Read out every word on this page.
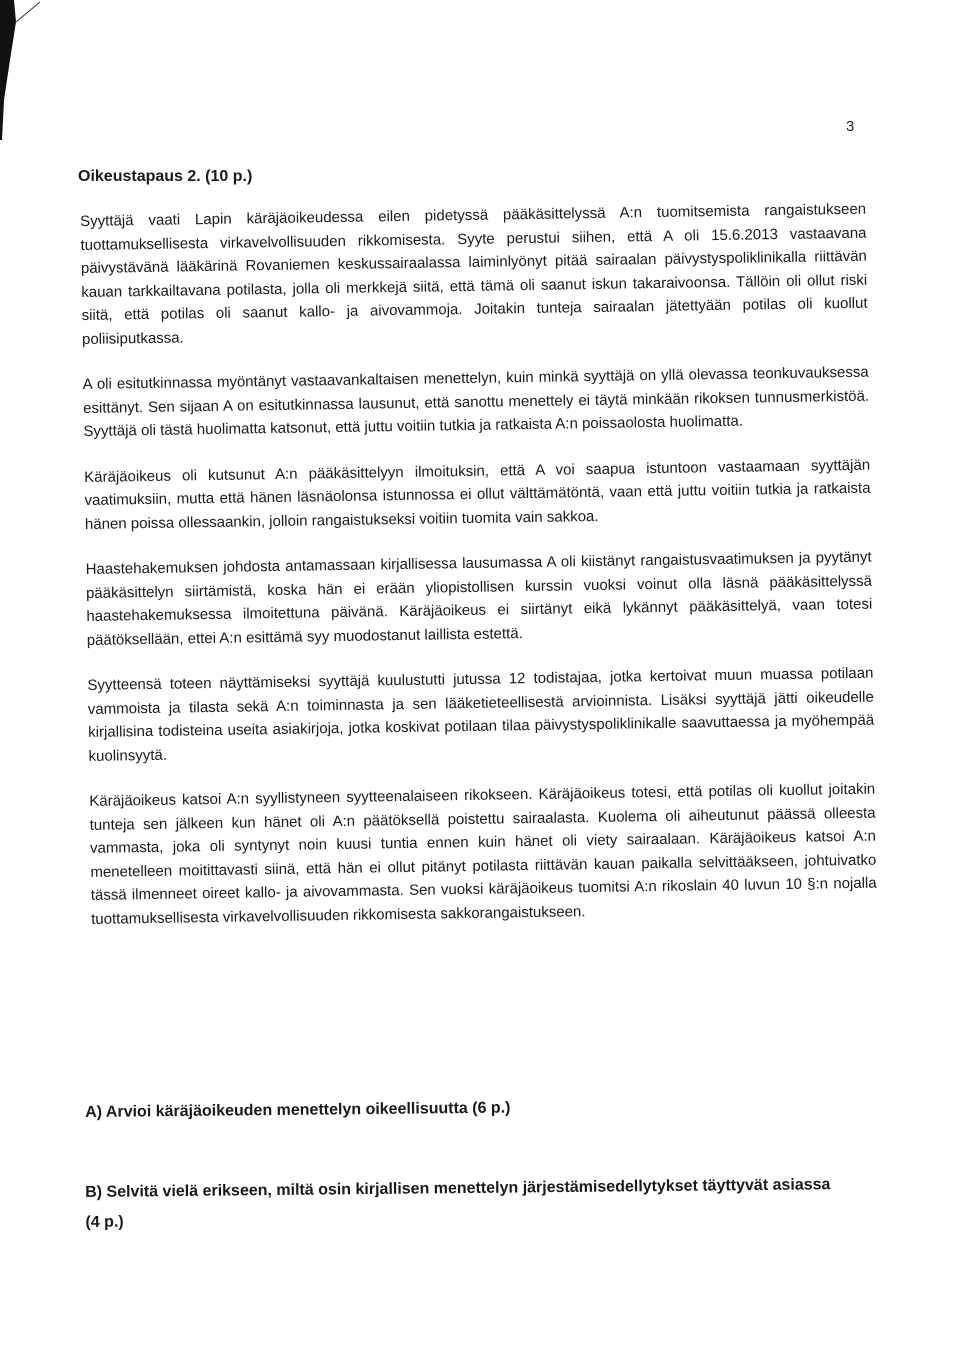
3
Oikeustapaus 2. (10 p.)

Syyttäjä vaati Lapin käräjäoikeudessa eilen pidetyssä pääkäsittelyssä A:n tuomitsemista rangaistukseen tuottamuksellisesta virkavelvollisuuden rikkomisesta. Syyte perustui siihen, että A oli 15.6.2013 vastaavana päivystävänä lääkärinä Rovaniemen keskussairaalassa laiminlyönyt pitää sairaalan päivystyspoliklinikalla riittävän kauan tarkkailtavana potilasta, jolla oli merkkejä siitä, että tämä oli saanut iskun takaraivoonsa. Tällöin oli ollut riski siitä, että potilas oli saanut kallo- ja aivovammoja. Joitakin tunteja sairaalan jätettyään potilas oli kuollut poliisiputkassa.

A oli esitutkinnassa myöntänyt vastaavankaltaisen menettelyn, kuin minkä syyttäjä on yllä olevassa teonkuvauksessa esittänyt. Sen sijaan A on esitutkinnassa lausunut, että sanottu menettely ei täytä minkään rikoksen tunnusmerkistöä. Syyttäjä oli tästä huolimatta katsonut, että juttu voitiin tutkia ja ratkaista A:n poissaolosta huolimatta.

Käräjäoikeus oli kutsunut A:n pääkäsittelyyn ilmoituksin, että A voi saapua istuntoon vastaamaan syyttäjän vaatimuksiin, mutta että hänen läsnäolonsa istunnossa ei ollut välttämätöntä, vaan että juttu voitiin tutkia ja ratkaista hänen poissa ollessaankin, jolloin rangaistukseksi voitiin tuomita vain sakkoa.

Haastehakemuksen johdosta antamassaan kirjallisessa lausumassa A oli kiistänyt rangaistusvaatimuksen ja pyytänyt pääkäsittelyn siirtämistä, koska hän ei erään yliopistollisen kurssin vuoksi voinut olla läsnä pääkäsittelyssä haastehakemuksessa ilmoitettuna päivänä. Käräjäoikeus ei siirtänyt eikä lykännyt pääkäsittelyä, vaan totesi päätöksellään, ettei A:n esittämä syy muodostanut laillista estettä.

Syytteensä toteen näyttämiseksi syyttäjä kuulustutti jutussa 12 todistajaa, jotka kertoivat muun muassa potilaan vammoista ja tilasta sekä A:n toiminnasta ja sen lääketieteellisestä arvioinnista. Lisäksi syyttäjä jätti oikeudelle kirjallisina todisteina useita asiakirjoja, jotka koskivat potilaan tilaa päivystyspoliklinikalle saavuttaessa ja myöhempää kuolinsyytä.

Käräjäoikeus katsoi A:n syyllistyneen syytteenalaiseen rikokseen. Käräjäoikeus totesi, että potilas oli kuollut joitakin tunteja sen jälkeen kun hänet oli A:n päätöksellä poistettu sairaalasta. Kuolema oli aiheutunut päässä olleesta vammasta, joka oli syntynyt noin kuusi tuntia ennen kuin hänet oli viety sairaalaan. Käräjäoikeus katsoi A:n menetelleen moitittavasti siinä, että hän ei ollut pitänyt potilasta riittävän kauan paikalla selvittääkseen, johtuivatko tässä ilmenneet oireet kallo- ja aivovammasta. Sen vuoksi käräjäoikeus tuomitsi A:n rikoslain 40 luvun 10 §:n nojalla tuottamuksellisesta virkavelvollisuuden rikkomisesta sakkorangaistukseen.

A) Arvioi käräjäoikeuden menettelyn oikeellisuutta (6 p.)
B) Selvitä vielä erikseen, miltä osin kirjallisen menettelyn järjestämisedellytykset täyttyvät asiassa
(4 p.)
